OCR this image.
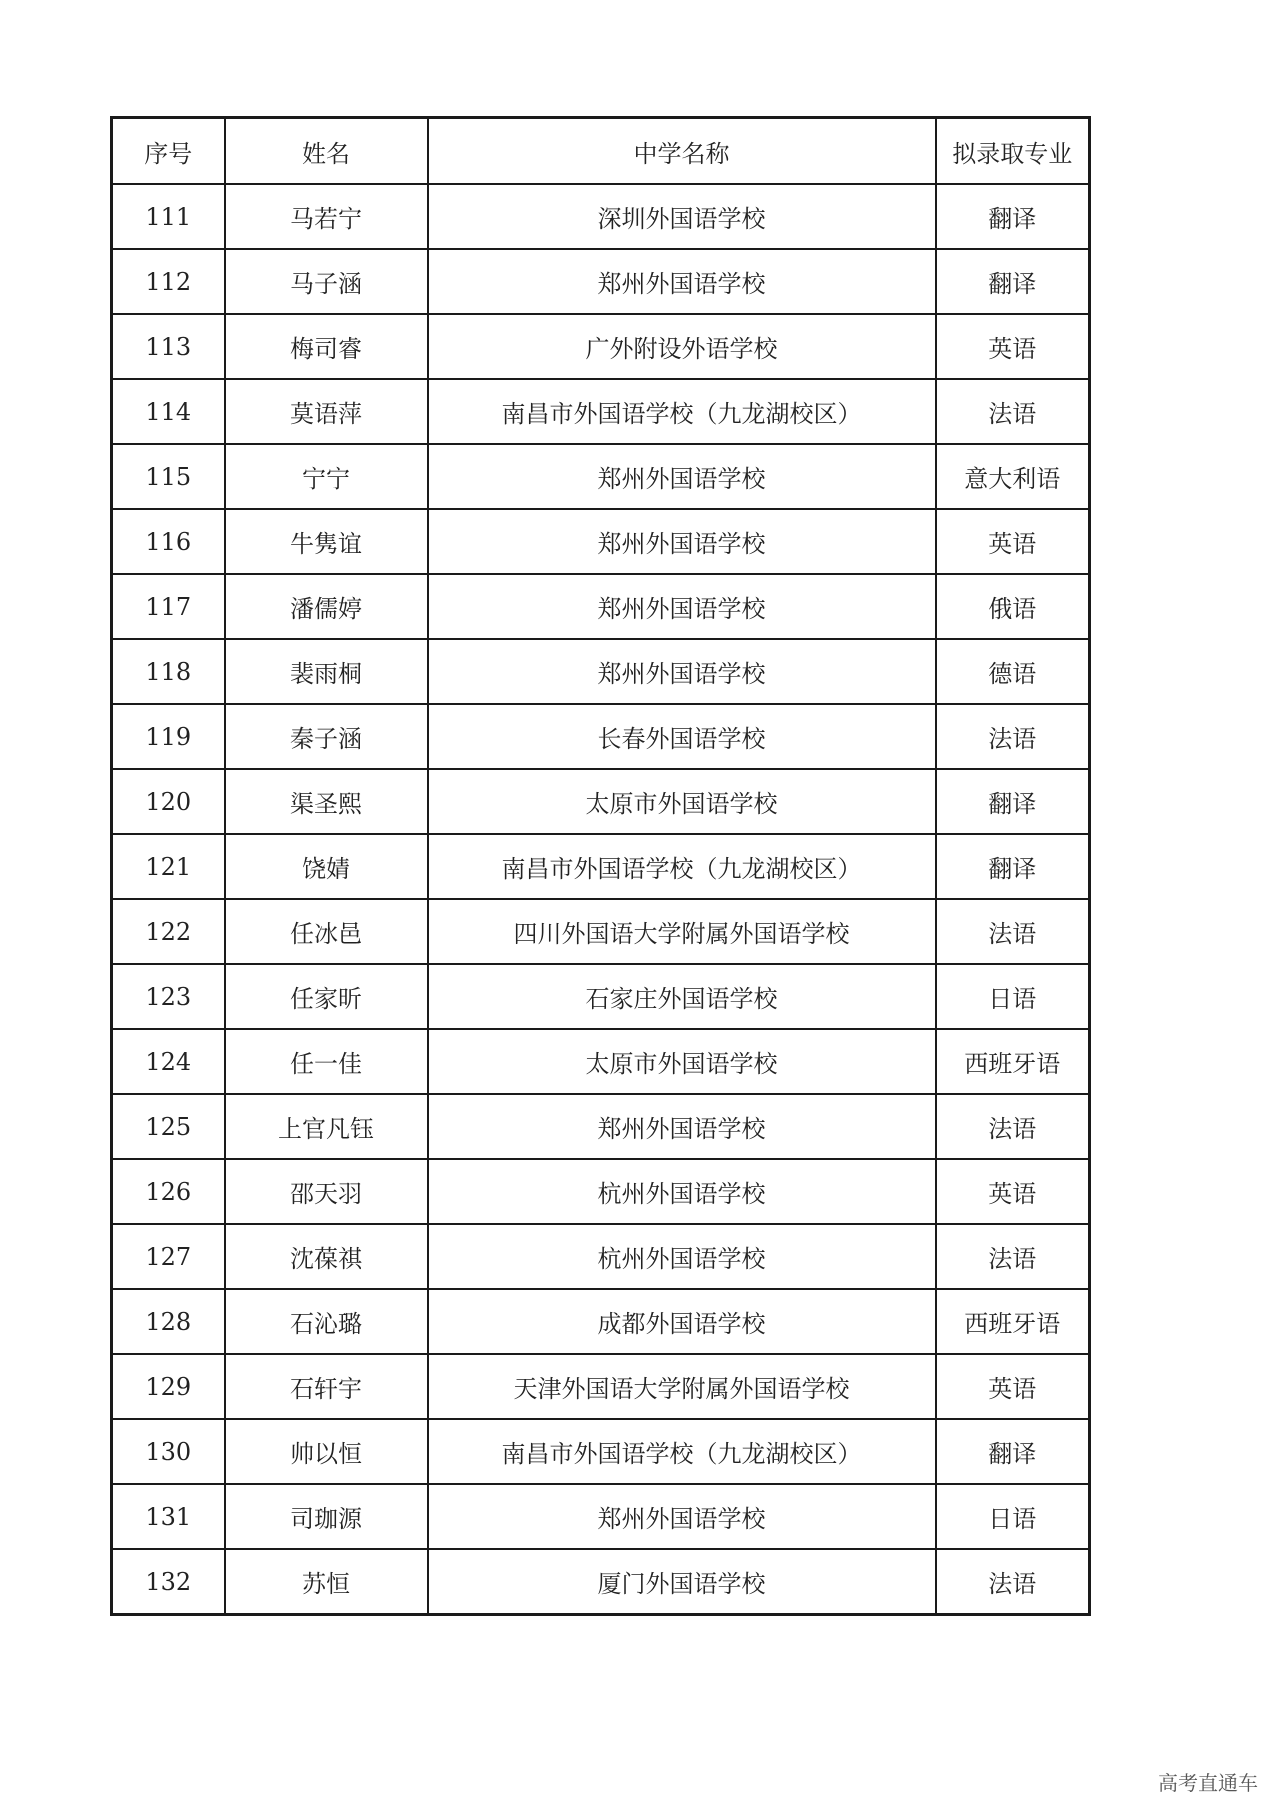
序号	姓名	中学名称	拟录取专业
111	马若宁	深圳外国语学校	翻译
112	马子涵	郑州外国语学校	翻译
113	梅司睿	广外附设外语学校	英语
114	莫语萍	南昌市外国语学校（九龙湖校区）	法语
115	宁宁	郑州外国语学校	意大利语
116	牛隽谊	郑州外国语学校	英语
117	潘儒婷	郑州外国语学校	俄语
118	裴雨桐	郑州外国语学校	德语
119	秦子涵	长春外国语学校	法语
120	渠圣熙	太原市外国语学校	翻译
121	饶婧	南昌市外国语学校（九龙湖校区）	翻译
122	任冰邑	四川外国语大学附属外国语学校	法语
123	任家昕	石家庄外国语学校	日语
124	任一佳	太原市外国语学校	西班牙语
125	上官凡钰	郑州外国语学校	法语
126	邵天羽	杭州外国语学校	英语
127	沈葆祺	杭州外国语学校	法语
128	石沁璐	成都外国语学校	西班牙语
129	石轩宇	天津外国语大学附属外国语学校	英语
130	帅以恒	南昌市外国语学校（九龙湖校区）	翻译
131	司珈源	郑州外国语学校	日语
132	苏恒	厦门外国语学校	法语
高考直通车
